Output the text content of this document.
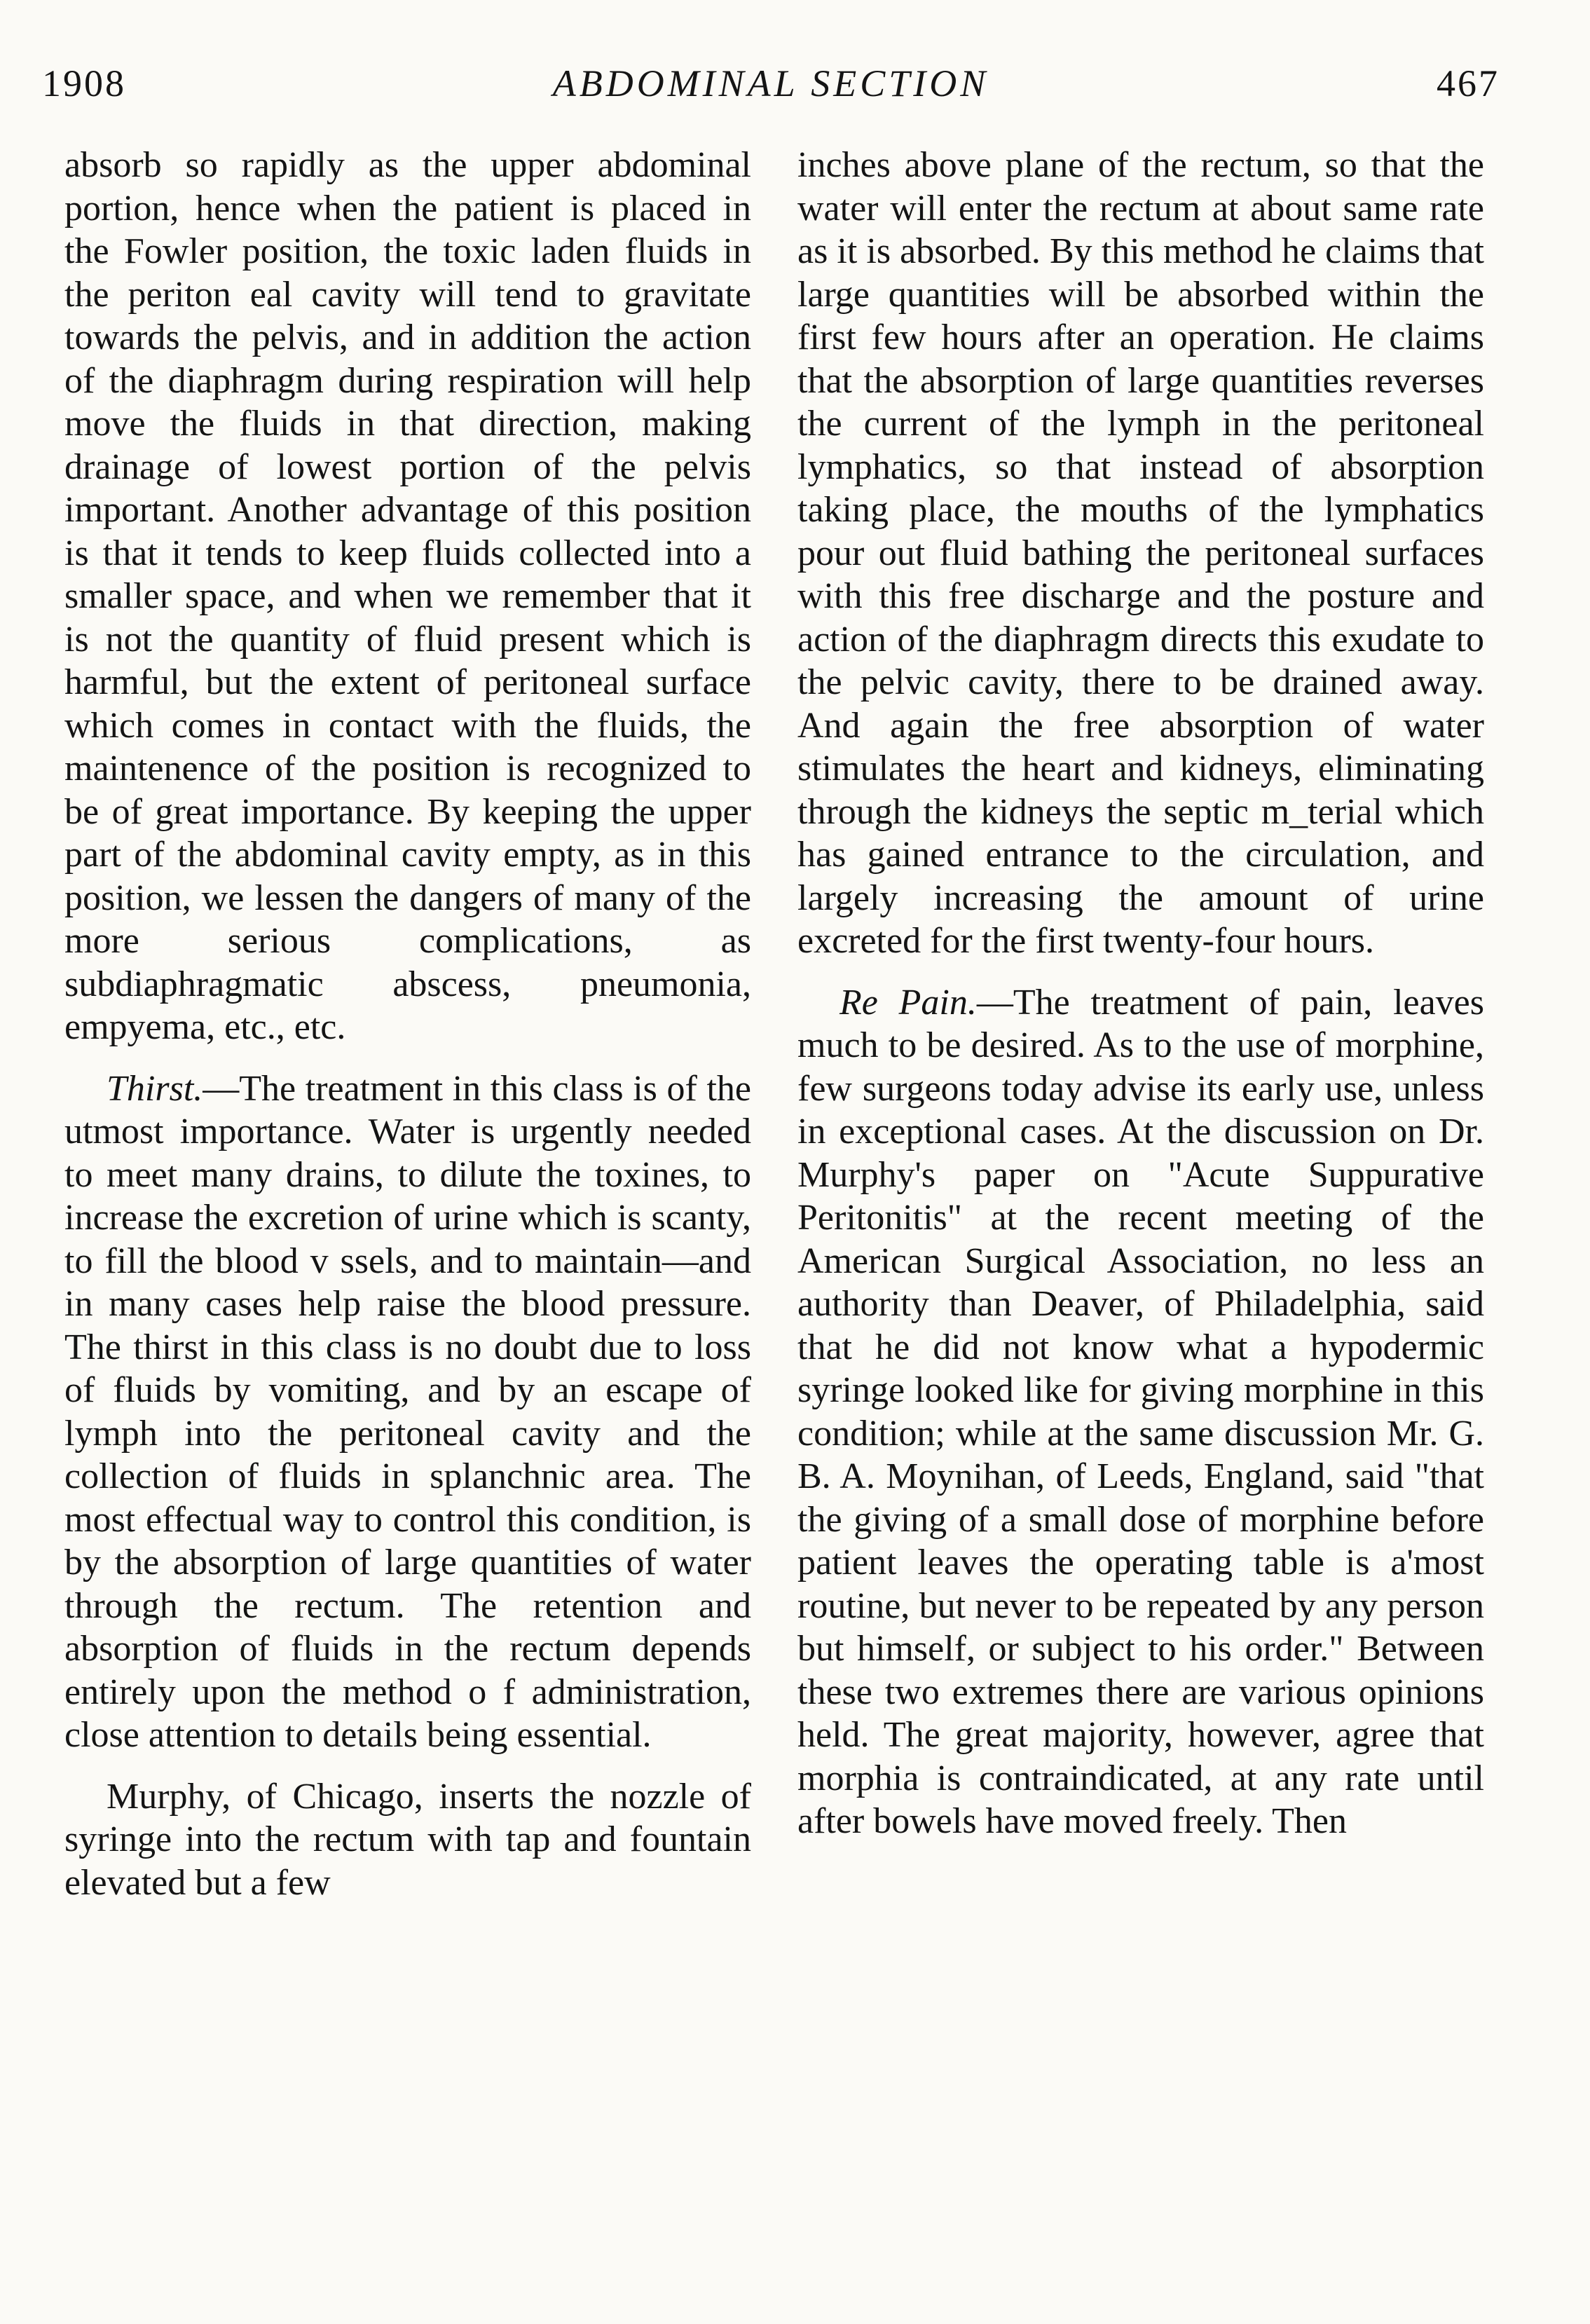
1908	ABDOMINAL SECTION	467

absorb so rapidly as the upper abdominal portion, hence when the patient is placed in the Fowler position, the toxic laden fluids in the periton eal cavity will tend to gravitate towards the pelvis, and in addition the action of the diaphragm during respiration will help move the fluids in that direction, making drainage of lowest portion of the pelvis important. Another advantage of this position is that it tends to keep fluids collected into a smaller space, and when we remember that it is not the quantity of fluid present which is harmful, but the extent of peritoneal surface which comes in contact with the fluids, the maintenence of the position is recognized to be of great importance. By keeping the upper part of the abdominal cavity empty, as in this position, we lessen the dangers of many of the more serious complications, as subdiaphragmatic abscess, pneumonia, empyema, etc., etc.

Thirst.—The treatment in this class is of the utmost importance. Water is urgently needed to meet many drains, to dilute the toxines, to increase the excretion of urine which is scanty, to fill the blood v ssels, and to maintain—and in many cases help raise the blood pressure. The thirst in this class is no doubt due to loss of fluids by vomiting, and by an escape of lymph into the peritoneal cavity and the collection of fluids in splanchnic area. The most effectual way to control this condition, is by the absorption of large quantities of water through the rectum. The retention and absorption of fluids in the rectum depends entirely upon the method o f administration, close attention to details being essential.

Murphy, of Chicago, inserts the nozzle of syringe into the rectum with tap and fountain elevated but a few

inches above plane of the rectum, so that the water will enter the rectum at about same rate as it is absorbed. By this method he claims that large quantities will be absorbed within the first few hours after an operation. He claims that the absorption of large quantities reverses the current of the lymph in the peritoneal lymphatics, so that instead of absorption taking place, the mouths of the lymphatics pour out fluid bathing the peritoneal surfaces with this free discharge and the posture and action of the diaphragm directs this exudate to the pelvic cavity, there to be drained away. And again the free absorption of water stimulates the heart and kidneys, eliminating through the kidneys the septic m_terial which has gained entrance to the circulation, and largely increasing the amount of urine excreted for the first twenty-four hours.

Re Pain.—The treatment of pain, leaves much to be desired. As to the use of morphine, few surgeons today advise its early use, unless in exceptional cases. At the discussion on Dr. Murphy's paper on "Acute Suppurative Peritonitis" at the recent meeting of the American Surgical Association, no less an authority than Deaver, of Philadelphia, said that he did not know what a hypodermic syringe looked like for giving morphine in this condition; while at the same discussion Mr. G. B. A. Moynihan, of Leeds, England, said "that the giving of a small dose of morphine before patient leaves the operating table is a'most routine, but never to be repeated by any person but himself, or subject to his order." Between these two extremes there are various opinions held. The great majority, however, agree that morphia is contraindicated, at any rate until after bowels have moved freely. Then
